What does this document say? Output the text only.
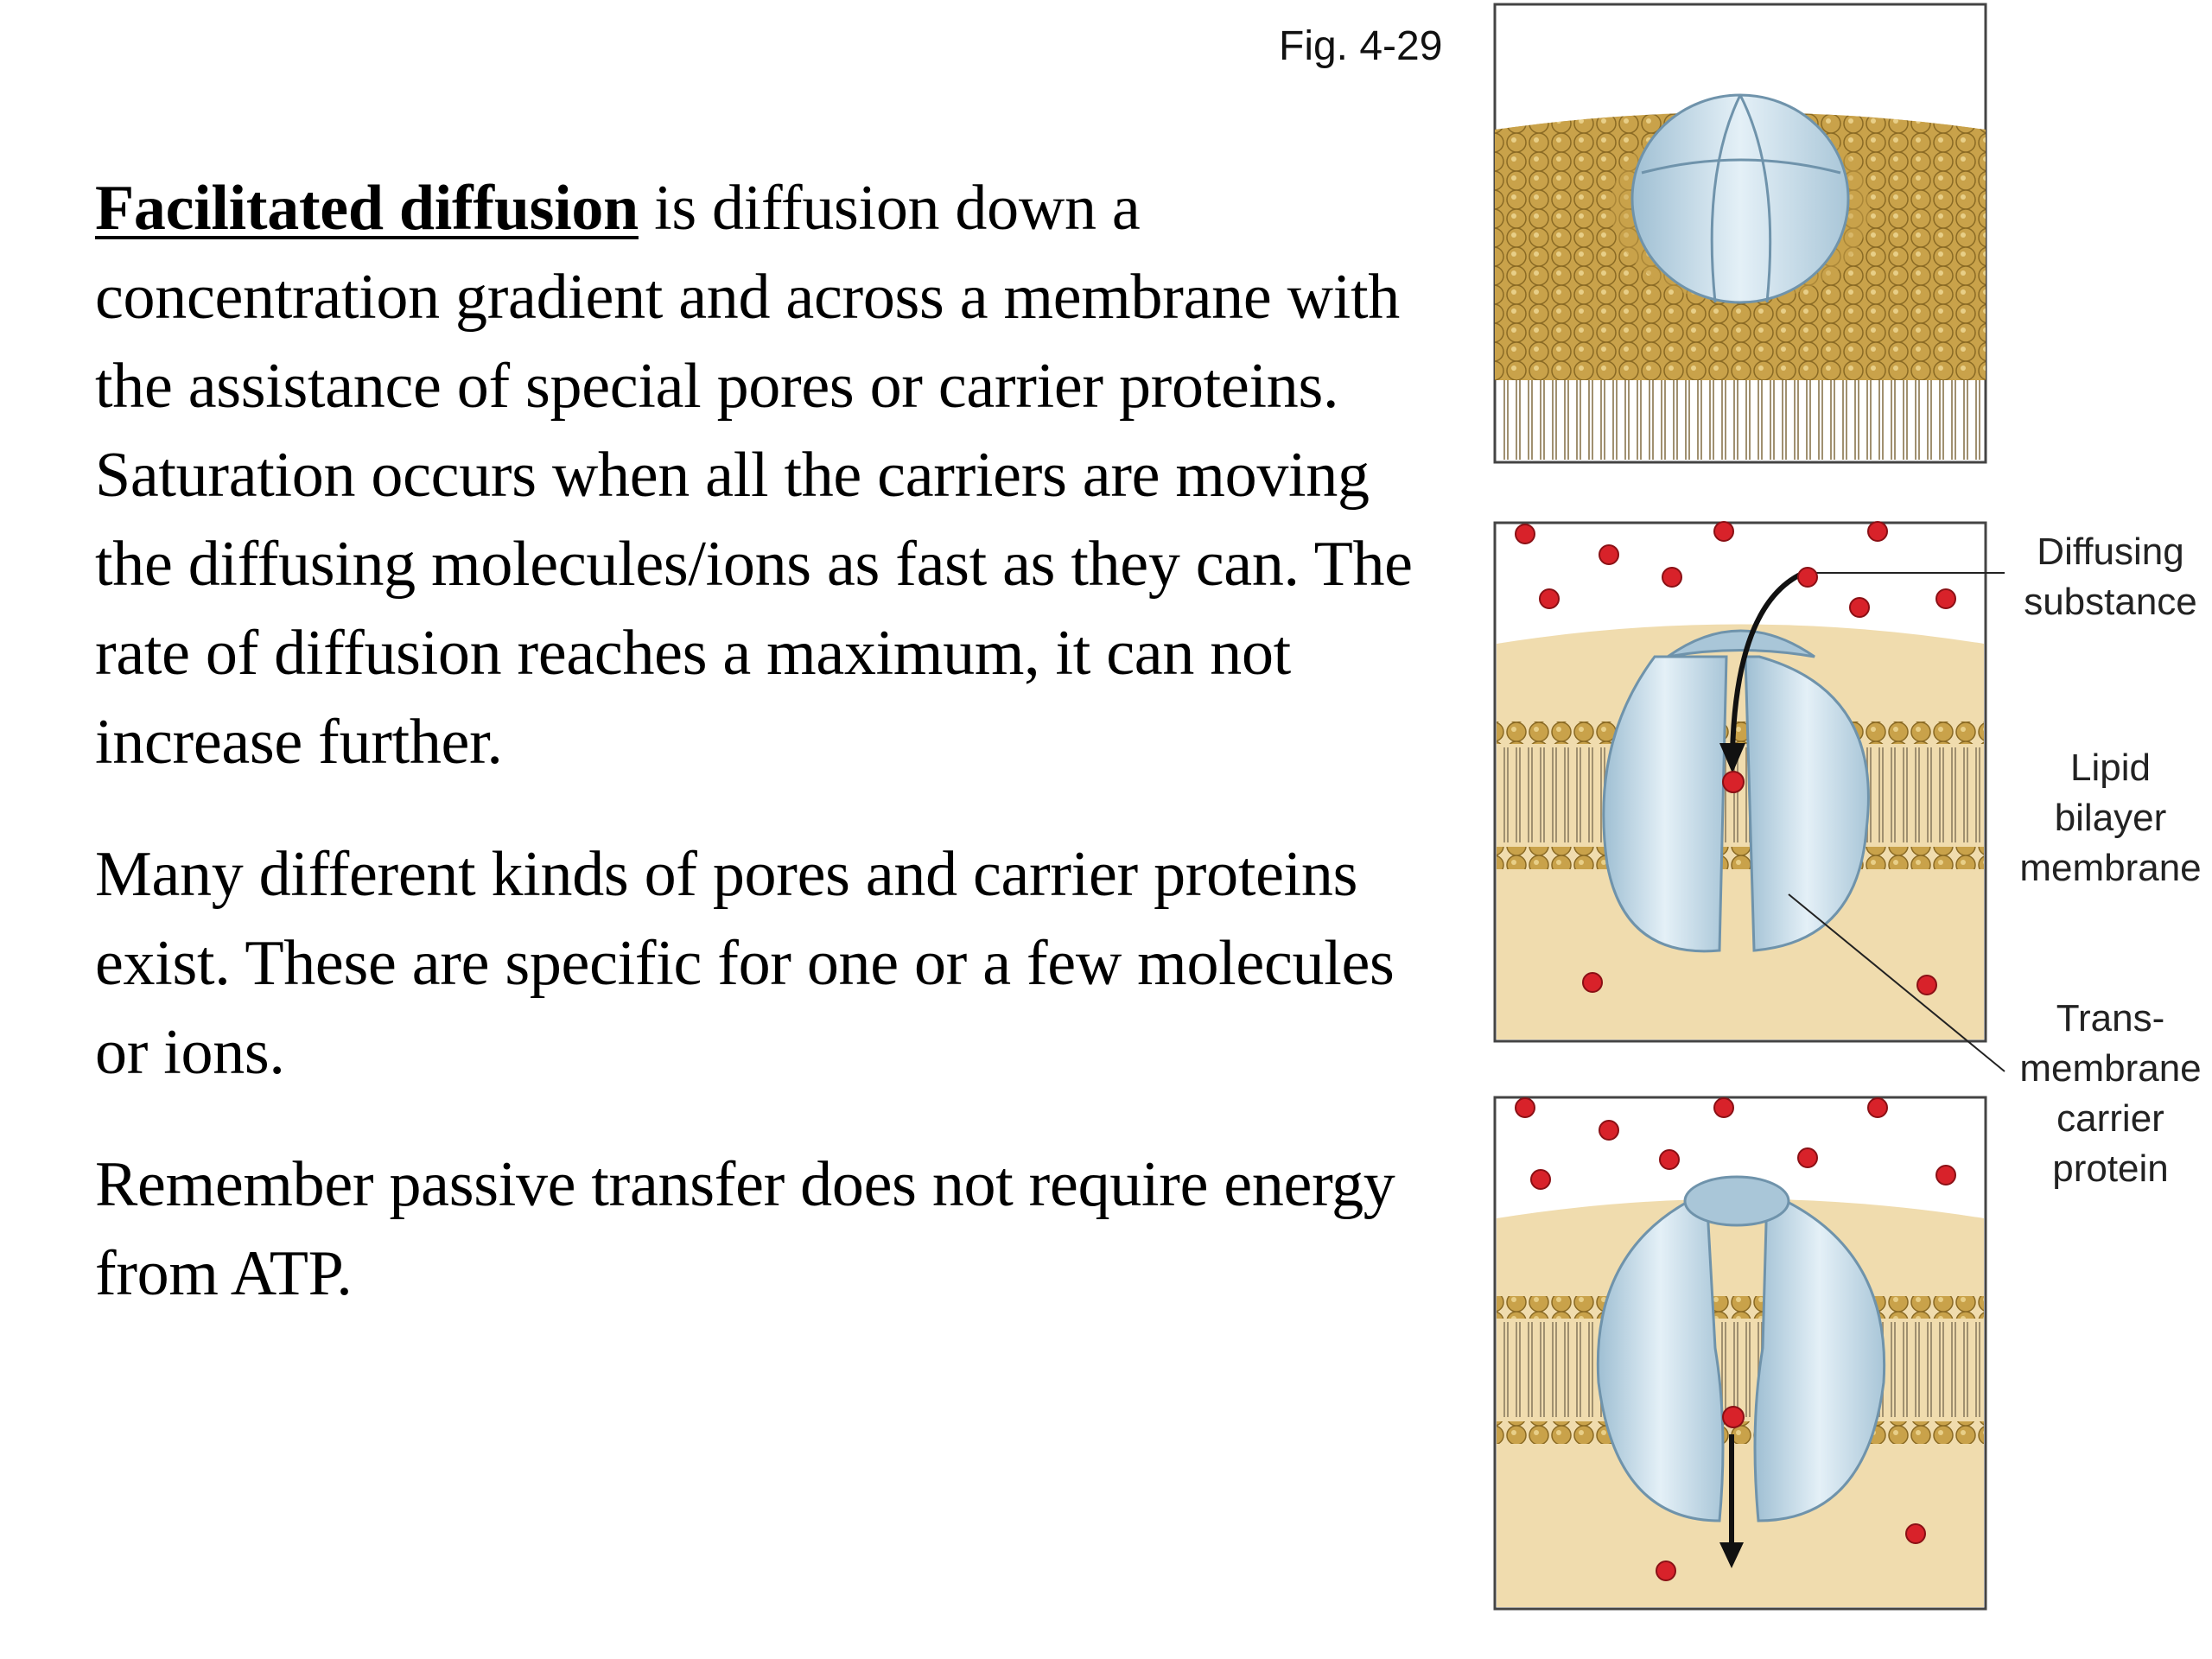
Fig. 4-29

Facilitated diffusion is diffusion down a concentration gradient and across a membrane with the assistance of special pores or carrier proteins. Saturation occurs when all the carriers are moving the diffusing molecules/ions as fast as they can. The rate of diffusion reaches a maximum, it can not increase further.

Many different kinds of pores and carrier proteins exist. These are specific for one or a few molecules or ions.

Remember passive transfer does not require energy from ATP.

Diffusing substance
Lipid bilayer membrane
Trans- membrane carrier protein
